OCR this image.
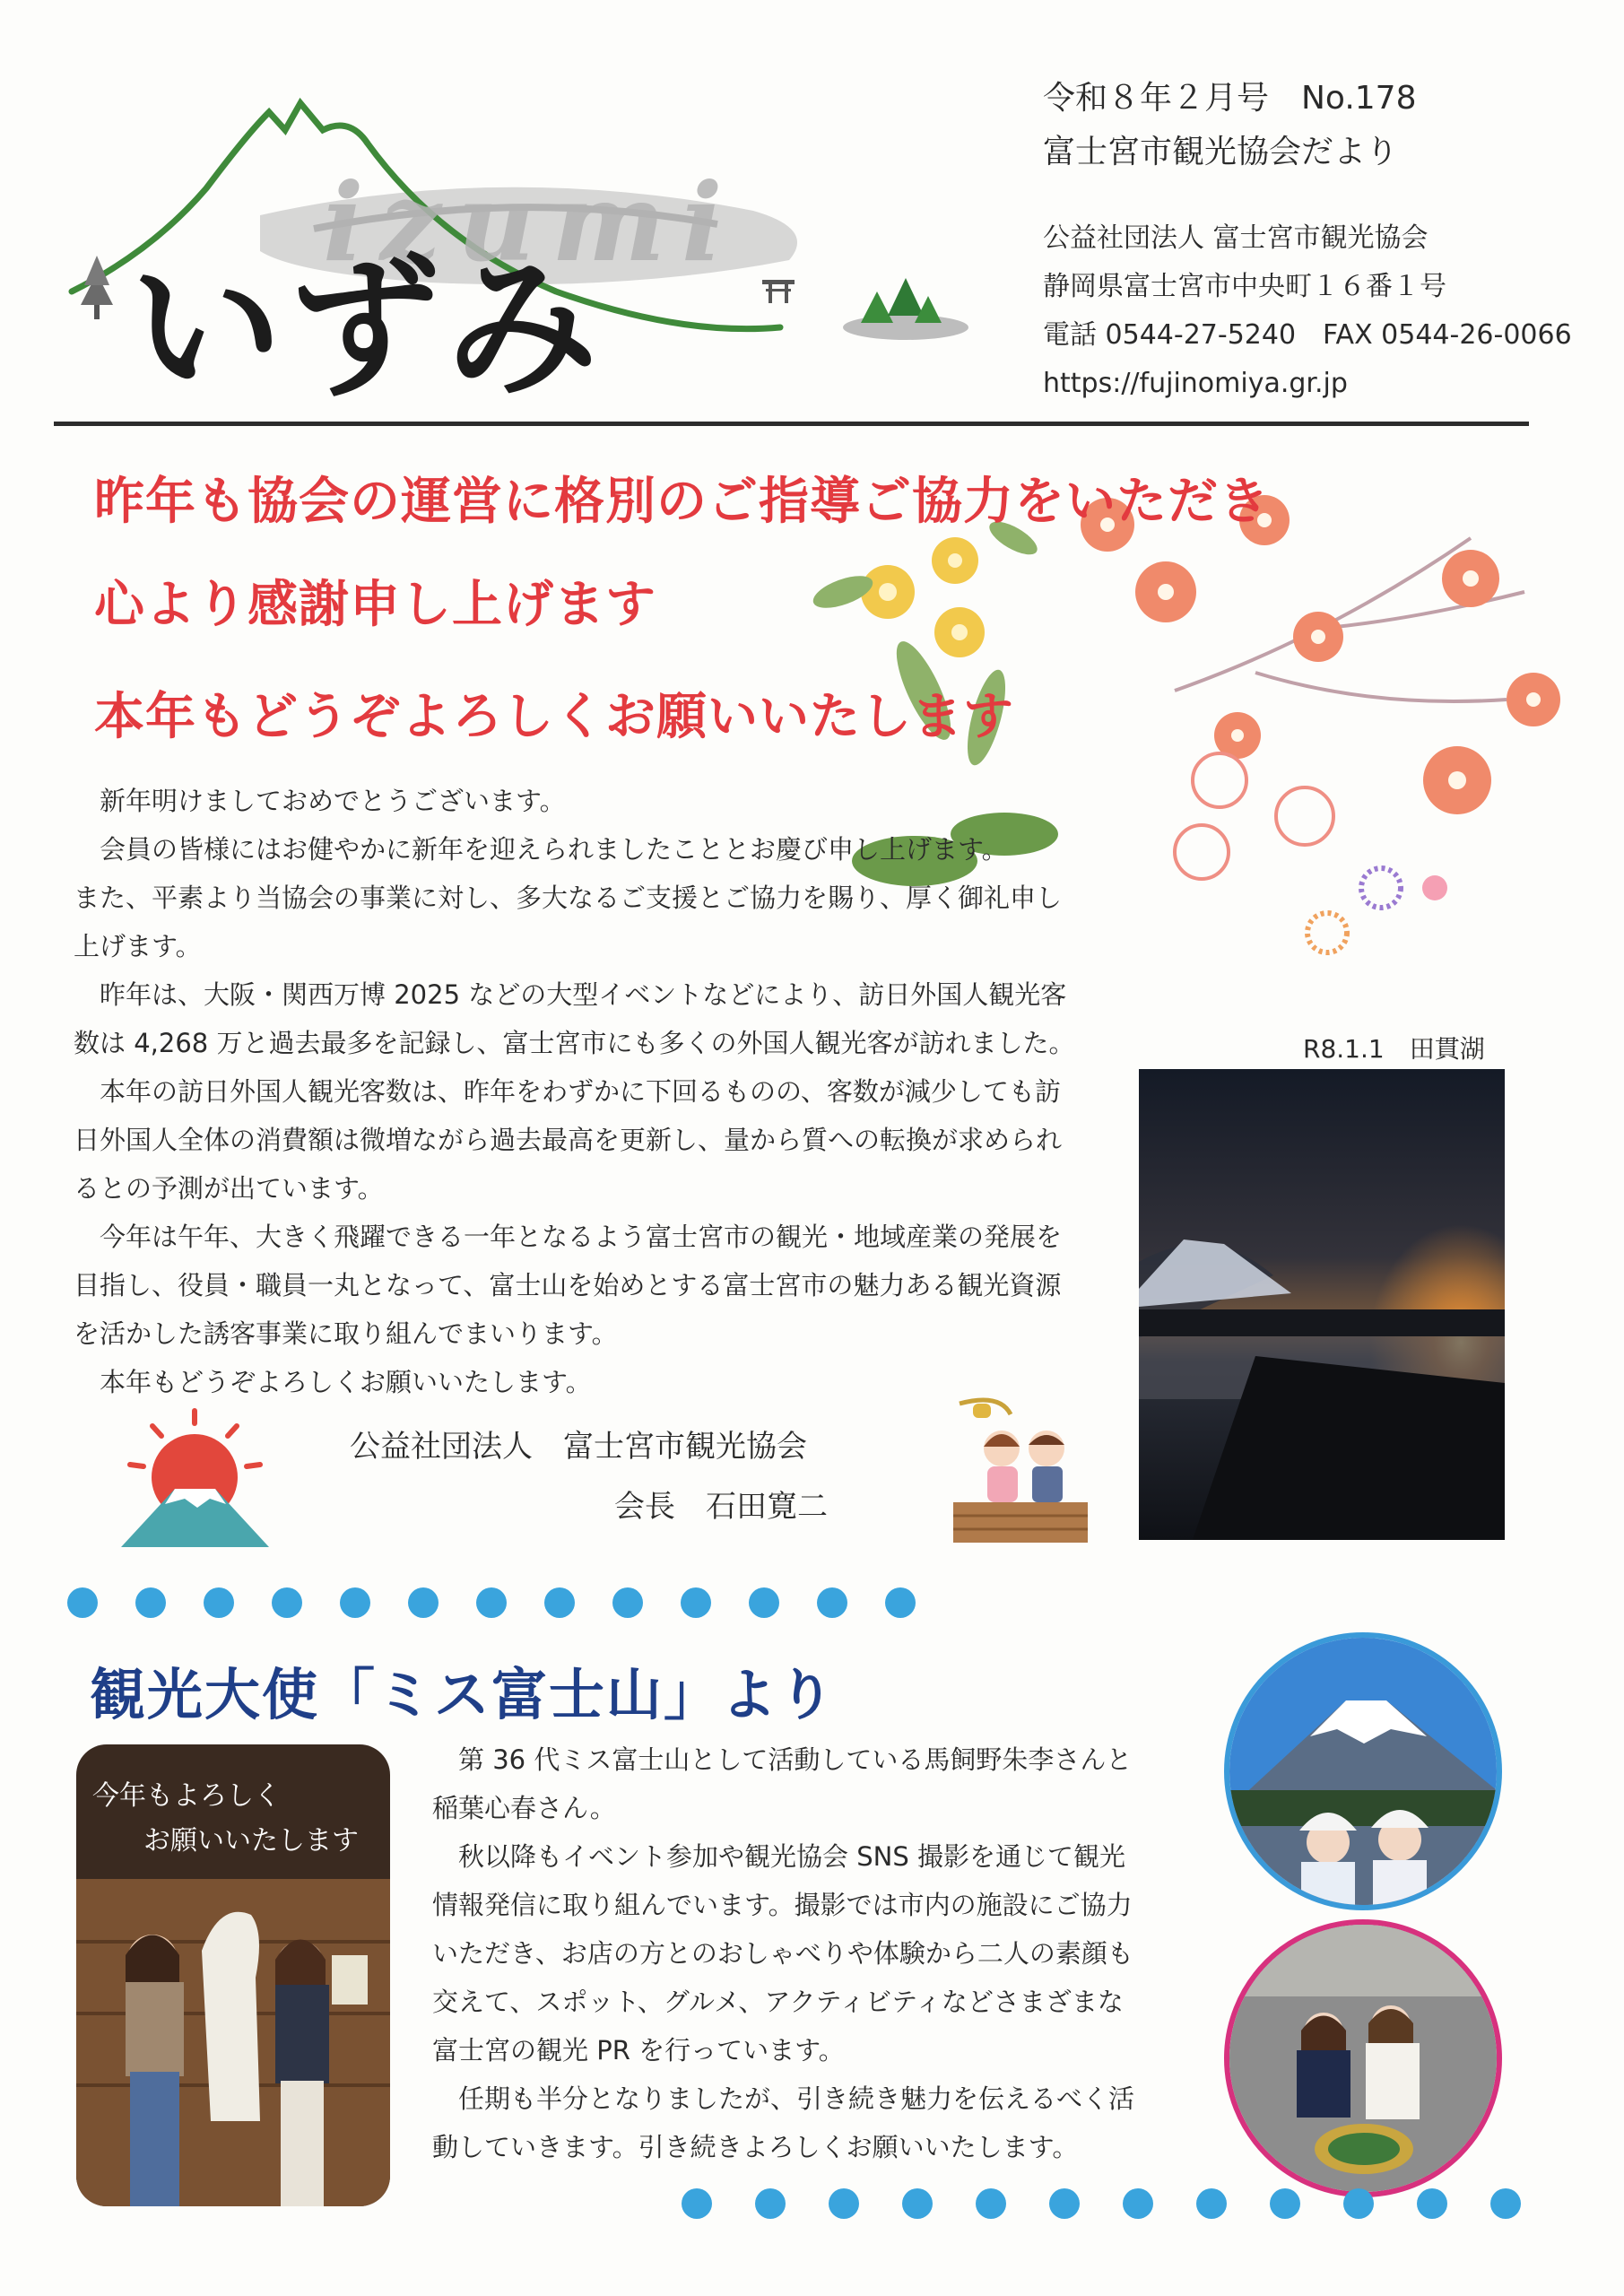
izumi
いずみ
令和８年２月号　No.178
富士宮市観光協会だより
公益社団法人 富士宮市観光協会
静岡県富士宮市中央町１６番１号
電話 0544-27-5240　FAX 0544-26-0066
https://fujinomiya.gr.jp
昨年も協会の運営に格別のご指導ご協力をいただき
心より感謝申し上げます
本年もどうぞよろしくお願いいたします
　新年明けましておめでとうございます。
　会員の皆様にはお健やかに新年を迎えられましたこととお慶び申し上げます。
また、平素より当協会の事業に対し、多大なるご支援とご協力を賜り、厚く御礼申し
上げます。
　昨年は、大阪・関西万博 2025 などの大型イベントなどにより、訪日外国人観光客
数は 4,268 万と過去最多を記録し、富士宮市にも多くの外国人観光客が訪れました。
　本年の訪日外国人観光客数は、昨年をわずかに下回るものの、客数が減少しても訪
日外国人全体の消費額は微増ながら過去最高を更新し、量から質への転換が求められ
るとの予測が出ています。
　今年は午年、大きく飛躍できる一年となるよう富士宮市の観光・地域産業の発展を
目指し、役員・職員一丸となって、富士山を始めとする富士宮市の魅力ある観光資源
を活かした誘客事業に取り組んでまいります。
　本年もどうぞよろしくお願いいたします。
R8.1.1　田貫湖
公益社団法人　富士宮市観光協会
会長　石田寛二
観光大使「ミス富士山」より
今年もよろしく
お願いいたします
　第 36 代ミス富士山として活動している馬飼野朱李さんと
稲葉心春さん。
　秋以降もイベント参加や観光協会 SNS 撮影を通じて観光
情報発信に取り組んでいます。撮影では市内の施設にご協力
いただき、お店の方とのおしゃべりや体験から二人の素顔も
交えて、スポット、グルメ、アクティビティなどさまざまな
富士宮の観光 PR を行っています。
　任期も半分となりましたが、引き続き魅力を伝えるべく活
動していきます。引き続きよろしくお願いいたします。
